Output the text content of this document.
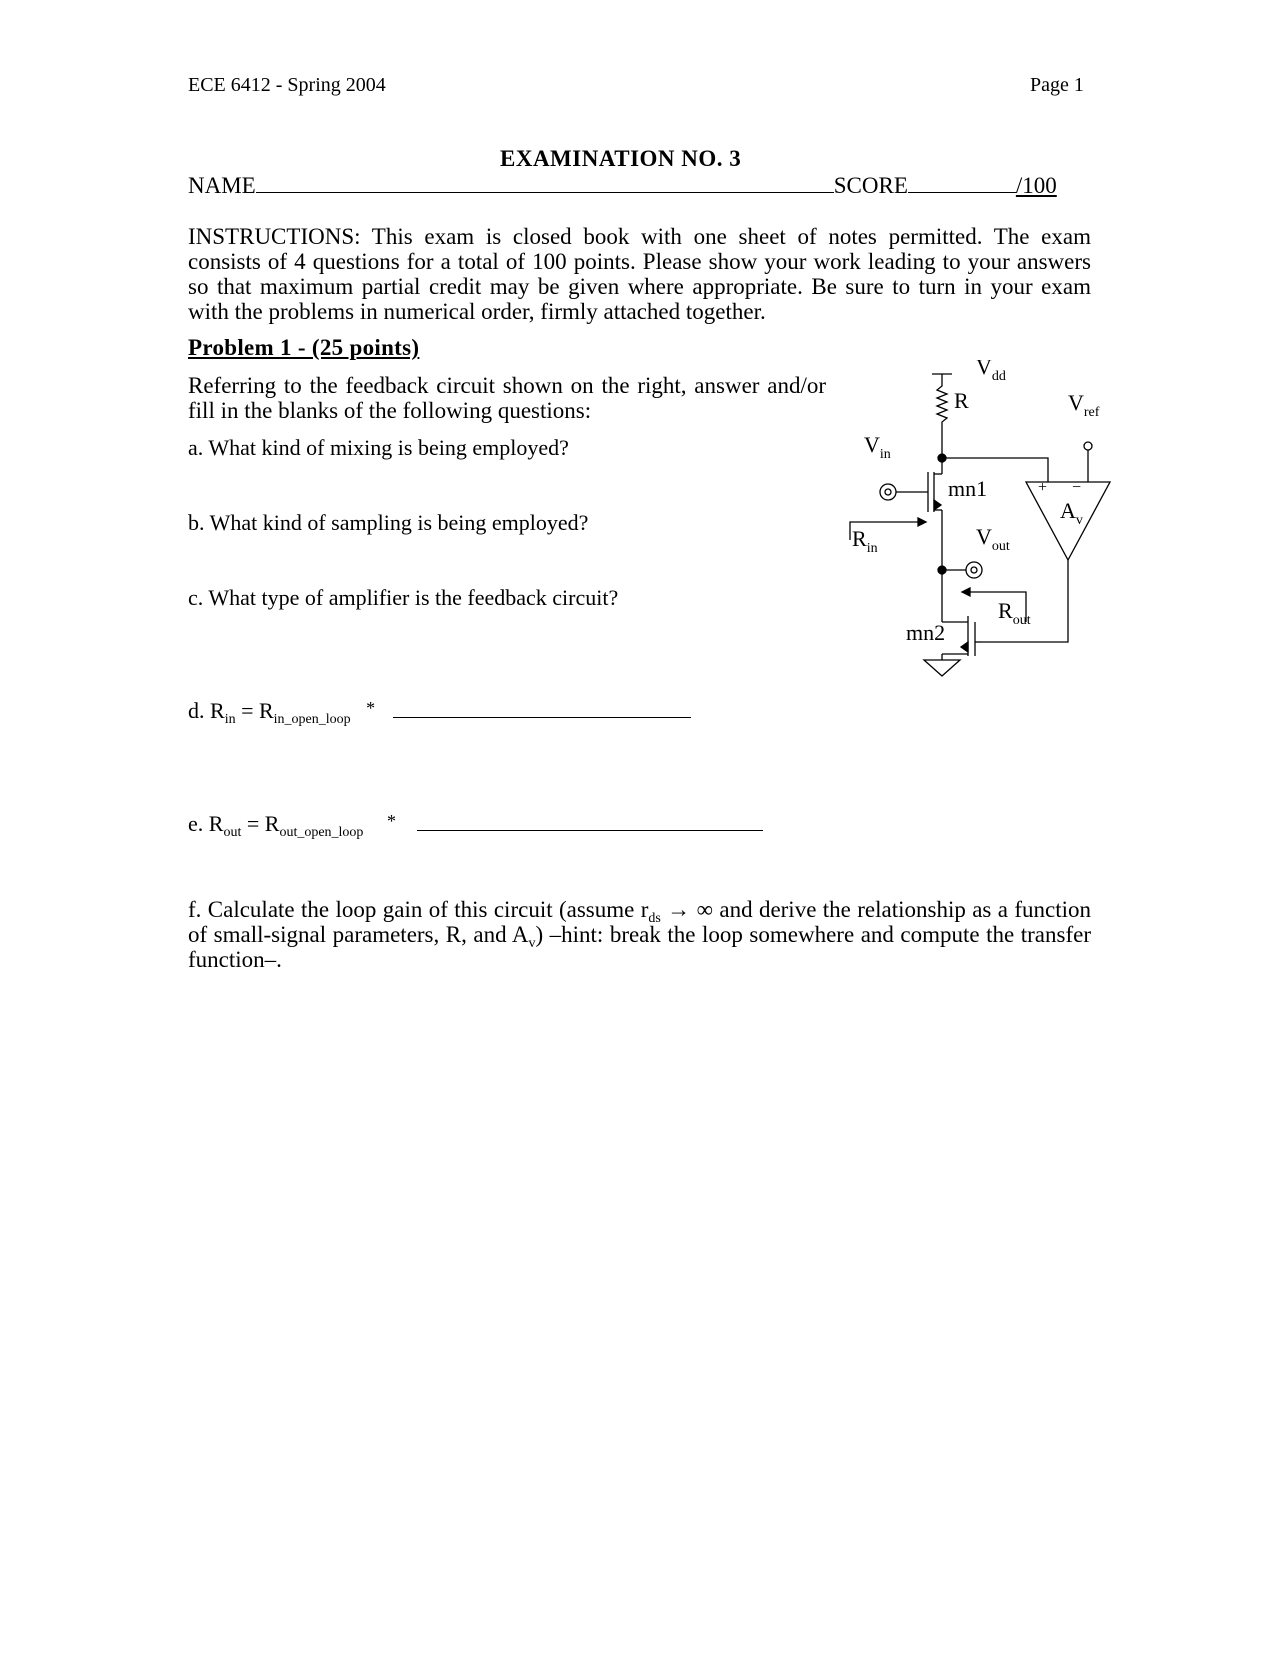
ECE 6412 - Spring 2004	Page 1
EXAMINATION NO. 3
NAME	SCORE	/100
INSTRUCTIONS: This exam is closed book with one sheet of notes permitted. The exam consists of 4 questions for a total of 100 points. Please show your work leading to your answers so that maximum partial credit may be given where appropriate. Be sure to turn in your exam with the problems in numerical order, firmly attached together.
Problem 1 - (25 points)
Referring to the feedback circuit shown on the right, answer and/or fill in the blanks of the following questions:
a. What kind of mixing is being employed?
b. What kind of sampling is being employed?
c. What type of amplifier is the feedback circuit?
d. $R_{in} = R_{in\_open\_loop}$ *
e. $R_{out} = R_{out\_open\_loop}$ *
f. Calculate the loop gain of this circuit (assume $r_{ds}$ → ∞ and derive the relationship as a function of small-signal parameters, R, and $A_v$) –hint: break the loop somewhere and compute the transfer function–.
$V_{dd}$
R	$V_{ref}$
$V_{in}$
mn1	+ −
$A_v$
$R_{in}$	$V_{out}$
$R_{out}$
mn2
